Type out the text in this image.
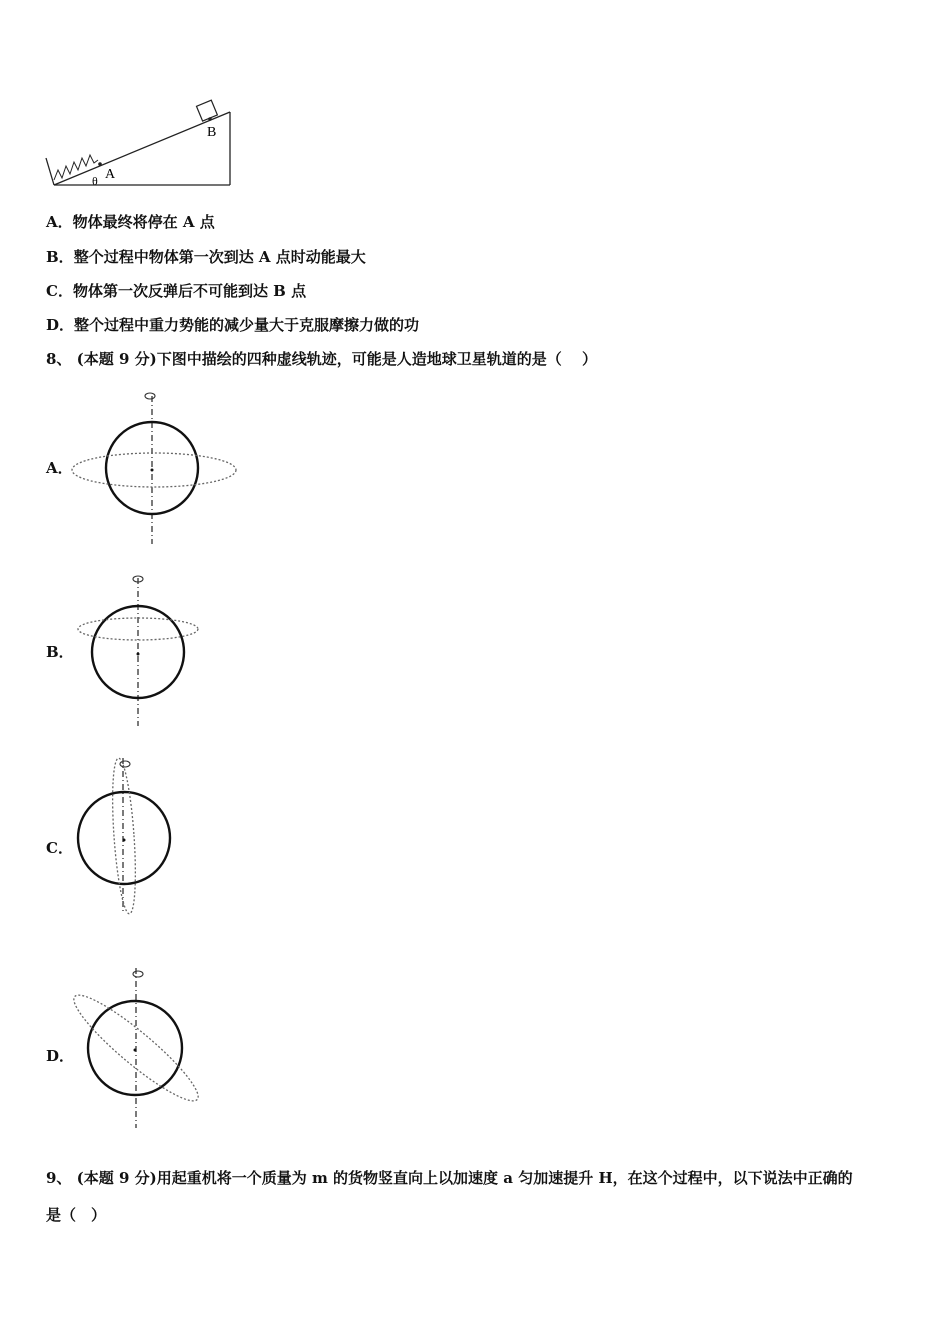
B
A
θ
A．物体最终将停在 A 点
B．整个过程中物体第一次到达 A 点时动能最大
C．物体第一次反弹后不可能到达 B 点
D．整个过程中重力势能的减少量大于克服摩擦力做的功
8、 (本题 9 分)下图中描绘的四种虚线轨迹，可能是人造地球卫星轨道的是（　 ）
A．
B．
C．
D．
9、 (本题 9 分)用起重机将一个质量为 m 的货物竖直向上以加速度 a 匀加速提升 H，在这个过程中，以下说法中正确的
是（　）
